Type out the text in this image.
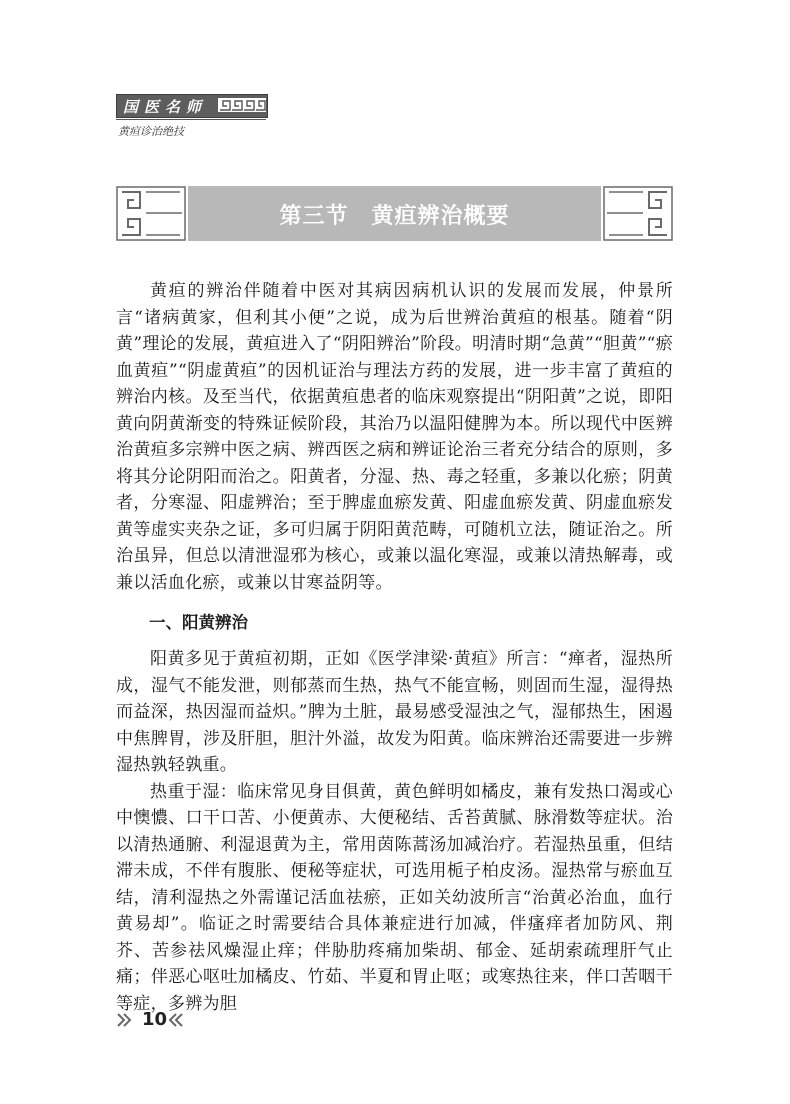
国医名师
黄疸诊治绝技
第三节　黄疸辨治概要

黄疸的辨治伴随着中医对其病因病机认识的发展而发展，仲景所言“诸病黄家，但利其小便”之说，成为后世辨治黄疸的根基。随着“阴黄”理论的发展，黄疸进入了“阴阳辨治”阶段。明清时期“急黄”“胆黄”“瘀血黄疸”“阴虚黄疸”的因机证治与理法方药的发展，进一步丰富了黄疸的辨治内核。及至当代，依据黄疸患者的临床观察提出“阴阳黄”之说，即阳黄向阴黄渐变的特殊证候阶段，其治乃以温阳健脾为本。所以现代中医辨治黄疸多宗辨中医之病、辨西医之病和辨证论治三者充分结合的原则，多将其分论阴阳而治之。阳黄者，分湿、热、毒之轻重，多兼以化瘀；阴黄者，分寒湿、阳虚辨治；至于脾虚血瘀发黄、阳虚血瘀发黄、阴虚血瘀发黄等虚实夹杂之证，多可归属于阴阳黄范畴，可随机立法，随证治之。所治虽异，但总以清泄湿邪为核心，或兼以温化寒湿，或兼以清热解毒，或兼以活血化瘀，或兼以甘寒益阴等。

一、阳黄辨治

阳黄多见于黄疸初期，正如《医学津梁·黄疸》所言：“瘅者，湿热所成，湿气不能发泄，则郁蒸而生热，热气不能宣畅，则固而生湿，湿得热而益深，热因湿而益炽。”脾为土脏，最易感受湿浊之气，湿郁热生，困遏中焦脾胃，涉及肝胆，胆汁外溢，故发为阳黄。临床辨治还需要进一步辨湿热孰轻孰重。

热重于湿：临床常见身目俱黄，黄色鲜明如橘皮，兼有发热口渴或心中懊憹、口干口苦、小便黄赤、大便秘结、舌苔黄腻、脉滑数等症状。治以清热通腑、利湿退黄为主，常用茵陈蒿汤加减治疗。若湿热虽重，但结滞未成，不伴有腹胀、便秘等症状，可选用栀子柏皮汤。湿热常与瘀血互结，清利湿热之外需谨记活血祛瘀，正如关幼波所言“治黄必治血，血行黄易却”。临证之时需要结合具体兼症进行加减，伴瘙痒者加防风、荆芥、苦参祛风燥湿止痒；伴胁肋疼痛加柴胡、郁金、延胡索疏理肝气止痛；伴恶心呕吐加橘皮、竹茹、半夏和胃止呕；或寒热往来，伴口苦咽干等症，多辨为胆

10
